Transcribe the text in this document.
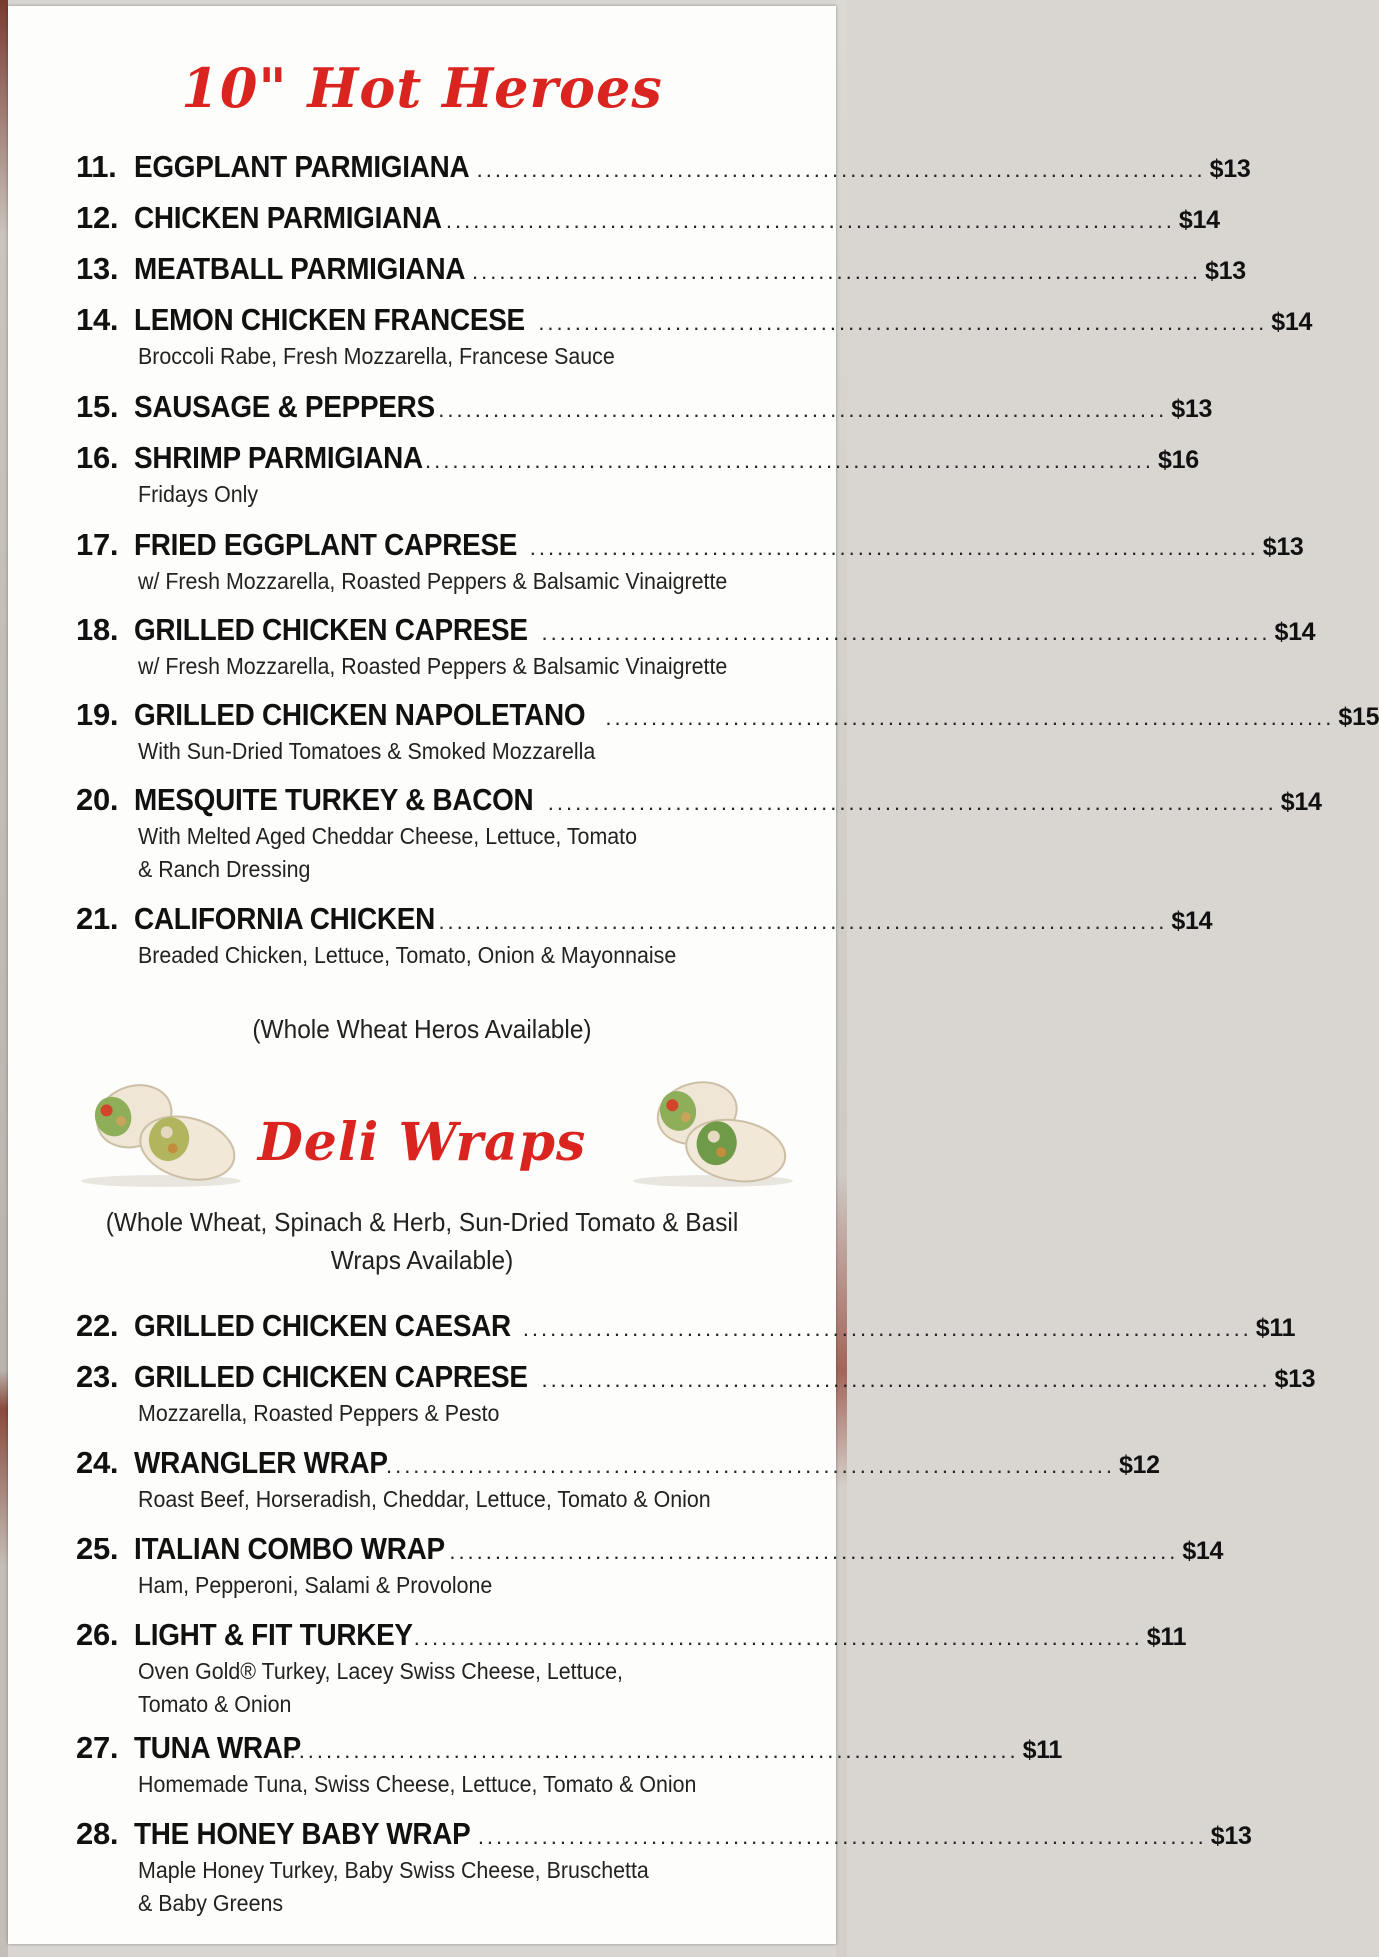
10" Hot Heroes
11. EGGPLANT PARMIGIANA ................................................................................ $13
12. CHICKEN PARMIGIANA ................................................................................ $14
13. MEATBALL PARMIGIANA ................................................................................ $13
14. LEMON CHICKEN FRANCESE ................................................................................ $14
Broccoli Rabe, Fresh Mozzarella, Francese Sauce
15. SAUSAGE & PEPPERS ................................................................................ $13
16. SHRIMP PARMIGIANA ................................................................................ $16
Fridays Only
17. FRIED EGGPLANT CAPRESE ................................................................................ $13
w/ Fresh Mozzarella, Roasted Peppers & Balsamic Vinaigrette
18. GRILLED CHICKEN CAPRESE ................................................................................ $14
w/ Fresh Mozzarella, Roasted Peppers & Balsamic Vinaigrette
19. GRILLED CHICKEN NAPOLETANO ................................................................................ $15
With Sun-Dried Tomatoes & Smoked Mozzarella
20. MESQUITE TURKEY & BACON ................................................................................ $14
With Melted Aged Cheddar Cheese, Lettuce, Tomato
& Ranch Dressing
21. CALIFORNIA CHICKEN ................................................................................ $14
Breaded Chicken, Lettuce, Tomato, Onion & Mayonnaise
(Whole Wheat Heros Available)
Deli Wraps
(Whole Wheat, Spinach & Herb, Sun-Dried Tomato & Basil
Wraps Available)
22. GRILLED CHICKEN CAESAR ................................................................................ $11
23. GRILLED CHICKEN CAPRESE ................................................................................ $13
Mozzarella, Roasted Peppers & Pesto
24. WRANGLER WRAP
................................................................................ $12
Roast Beef, Horseradish, Cheddar, Lettuce, Tomato & Onion
25. ITALIAN COMBO WRAP ................................................................................ $14
Ham, Pepperoni, Salami & Provolone
26. LIGHT & FIT TURKEY ................................................................................ $11
Oven Gold® Turkey, Lacey Swiss Cheese, Lettuce,
Tomato & Onion
27. TUNA WRAP
................................................................................ $11
Homemade Tuna, Swiss Cheese, Lettuce, Tomato & Onion
28. THE HONEY BABY WRAP ................................................................................ $13
Maple Honey Turkey, Baby Swiss Cheese, Bruschetta
& Baby Greens
